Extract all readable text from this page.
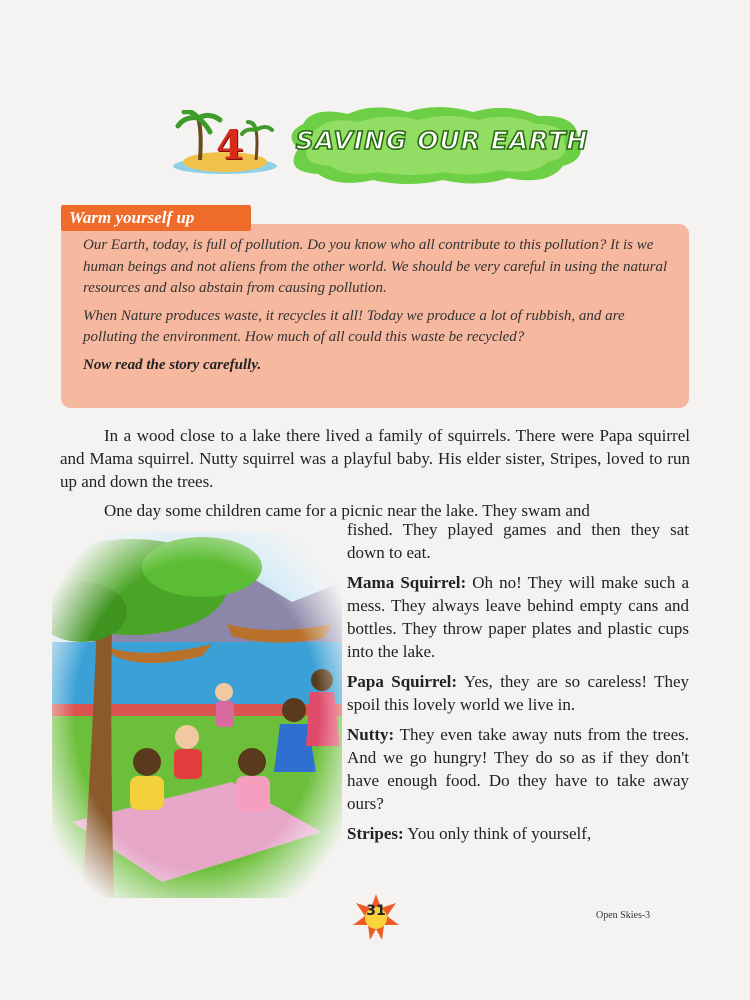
4 SAVING OUR EARTH

Our Earth, today, is full of pollution. Do you know who all contribute to this pollution? It is we human beings and not aliens from the other world. We should be very careful in using the natural resources and also abstain from causing pollution.

When Nature produces waste, it recycles it all! Today we produce a lot of rubbish, and are polluting the environment. How much of all could this waste be recycled?

Now read the story carefully.

Warm yourself up

In a wood close to a lake there lived a family of squirrels. There were Papa squirrel and Mama squirrel. Nutty squirrel was a playful baby. His elder sister, Stripes, loved to run up and down the trees.

One day some children came for a picnic near the lake. They swam and

fished. They played games and then they sat down to eat.

Mama Squirrel: Oh no! They will make such a mess. They always leave behind empty cans and bottles. They throw paper plates and plastic cups into the lake.

Papa Squirrel: Yes, they are so careless! They spoil this lovely world we live in.

Nutty: They even take away nuts from the trees. And we go hungry! They do so as if they don't have enough food. Do they have to take away ours?

Stripes: You only think of yourself,

31	Open Skies-3
